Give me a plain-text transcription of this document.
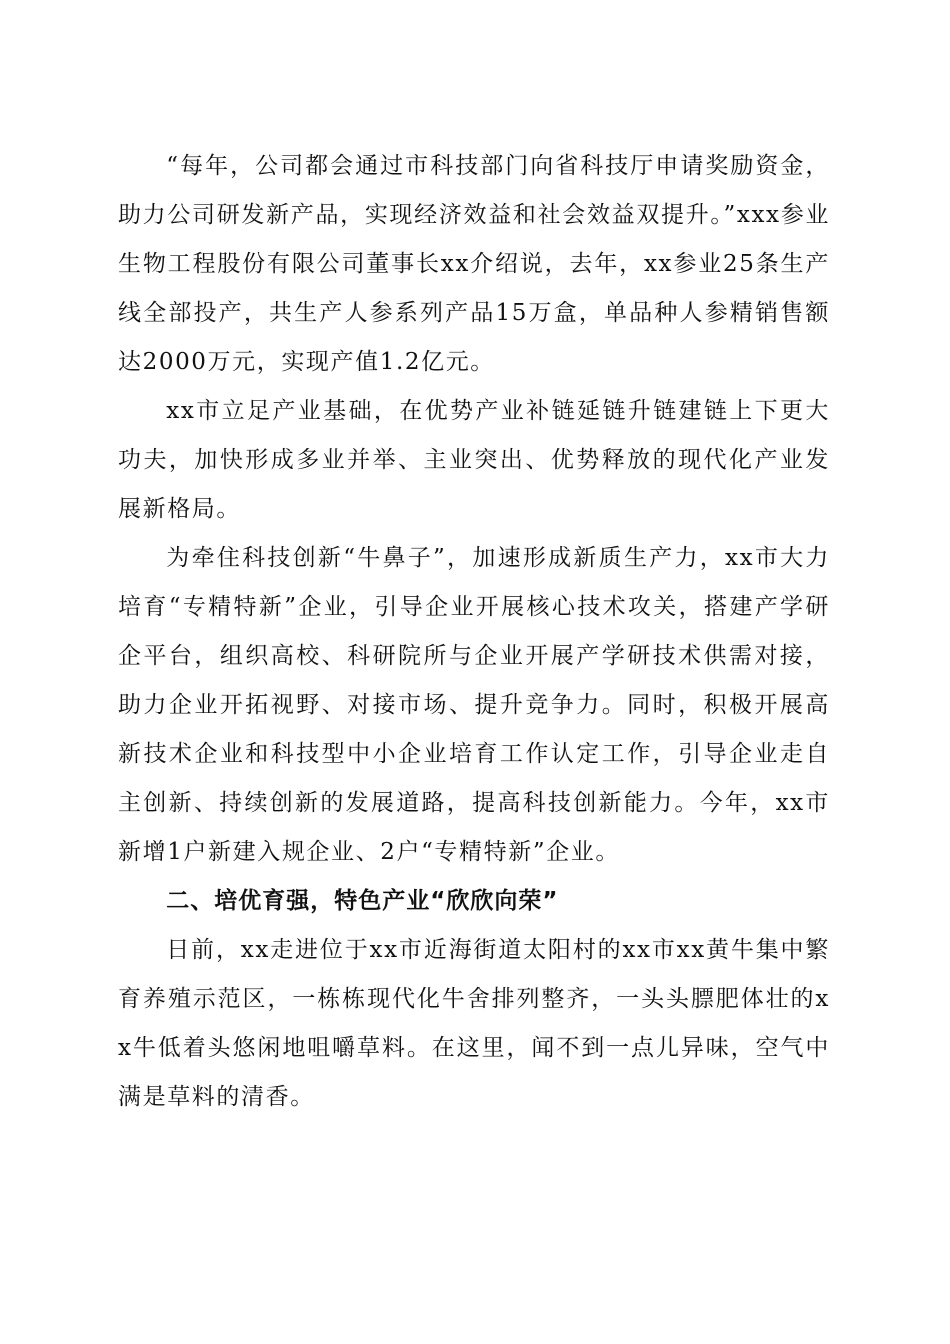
“每年，公司都会通过市科技部门向省科技厅申请奖励资金，助力公司研发新产品，实现经济效益和社会效益双提升。”xxx参业生物工程股份有限公司董事长xx介绍说，去年，xx参业25条生产线全部投产，共生产人参系列产品15万盒，单品种人参精销售额达2000万元，实现产值1.2亿元。

xx市立足产业基础，在优势产业补链延链升链建链上下更大功夫，加快形成多业并举、主业突出、优势释放的现代化产业发展新格局。

为牵住科技创新“牛鼻子”，加速形成新质生产力，xx市大力培育“专精特新”企业，引导企业开展核心技术攻关，搭建产学研企平台，组织高校、科研院所与企业开展产学研技术供需对接，助力企业开拓视野、对接市场、提升竞争力。同时，积极开展高新技术企业和科技型中小企业培育工作认定工作，引导企业走自主创新、持续创新的发展道路，提高科技创新能力。今年，xx市新增1户新建入规企业、2户“专精特新”企业。

二、培优育强，特色产业“欣欣向荣”

日前，xx走进位于xx市近海街道太阳村的xx市xx黄牛集中繁育养殖示范区，一栋栋现代化牛舍排列整齐，一头头膘肥体壮的xx牛低着头悠闲地咀嚼草料。在这里，闻不到一点儿异味，空气中满是草料的清香。
